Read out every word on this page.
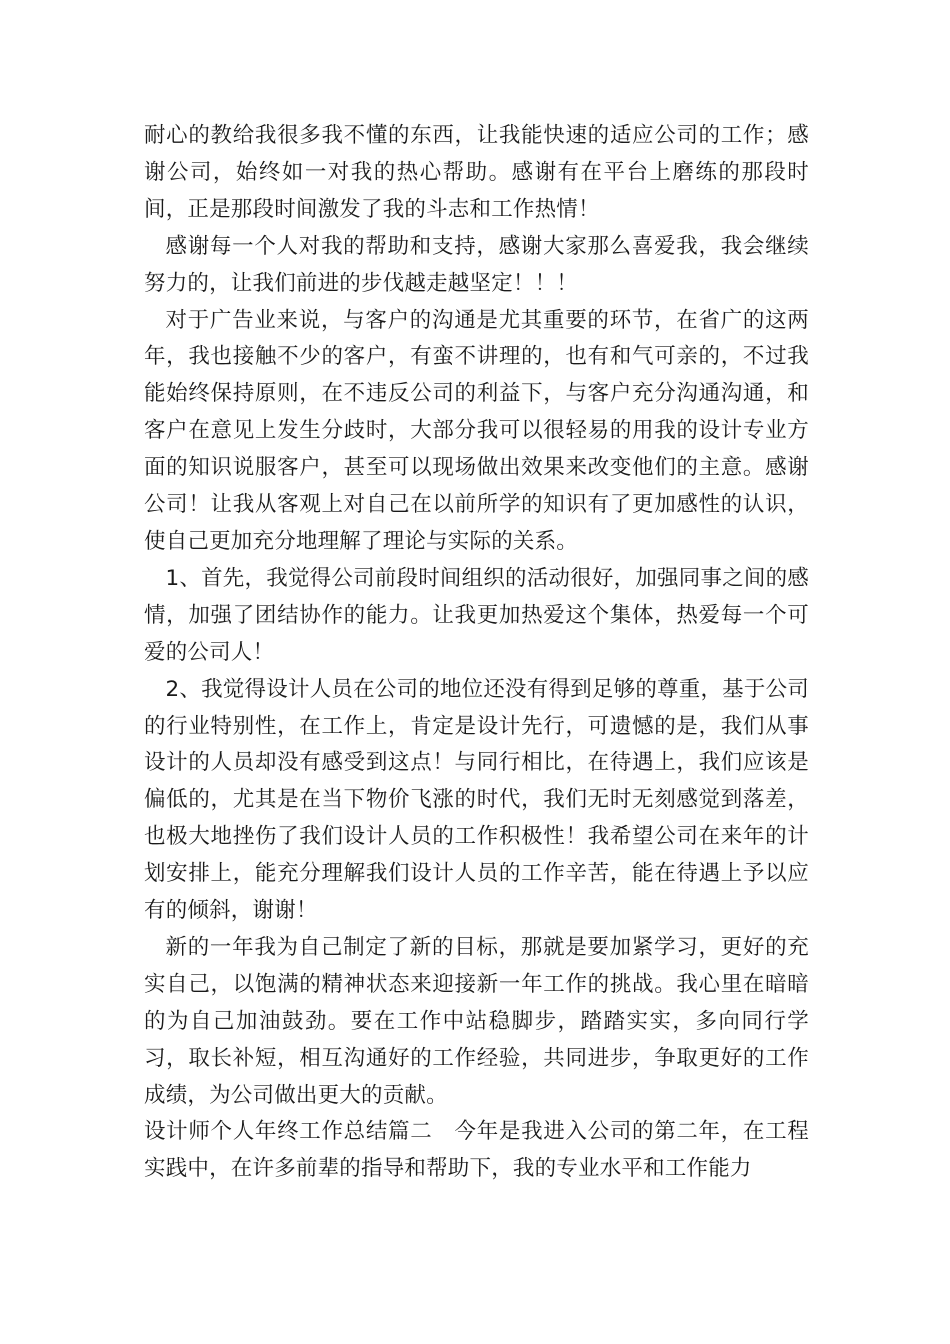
耐心的教给我很多我不懂的东西，让我能快速的适应公司的工作；感谢公司，始终如一对我的热心帮助。感谢有在平台上磨练的那段时间，正是那段时间激发了我的斗志和工作热情！

感谢每一个人对我的帮助和支持，感谢大家那么喜爱我，我会继续努力的，让我们前进的步伐越走越坚定！！！

对于广告业来说，与客户的沟通是尤其重要的环节，在省广的这两年，我也接触不少的客户，有蛮不讲理的，也有和气可亲的，不过我能始终保持原则，在不违反公司的利益下，与客户充分沟通沟通，和客户在意见上发生分歧时，大部分我可以很轻易的用我的设计专业方面的知识说服客户，甚至可以现场做出效果来改变他们的主意。感谢公司！让我从客观上对自己在以前所学的知识有了更加感性的认识，使自己更加充分地理解了理论与实际的关系。

1、首先，我觉得公司前段时间组织的活动很好，加强同事之间的感情，加强了团结协作的能力。让我更加热爱这个集体，热爱每一个可爱的公司人！

2、我觉得设计人员在公司的地位还没有得到足够的尊重，基于公司的行业特别性，在工作上，肯定是设计先行，可遗憾的是，我们从事设计的人员却没有感受到这点！与同行相比，在待遇上，我们应该是偏低的，尤其是在当下物价飞涨的时代，我们无时无刻感觉到落差，也极大地挫伤了我们设计人员的工作积极性！我希望公司在来年的计划安排上，能充分理解我们设计人员的工作辛苦，能在待遇上予以应有的倾斜，谢谢！

新的一年我为自己制定了新的目标，那就是要加紧学习，更好的充实自己，以饱满的精神状态来迎接新一年工作的挑战。我心里在暗暗的为自己加油鼓劲。要在工作中站稳脚步，踏踏实实，多向同行学习，取长补短，相互沟通好的工作经验，共同进步，争取更好的工作成绩，为公司做出更大的贡献。

设计师个人年终工作总结篇二　今年是我进入公司的第二年，在工程实践中，在许多前辈的指导和帮助下，我的专业水平和工作能力
